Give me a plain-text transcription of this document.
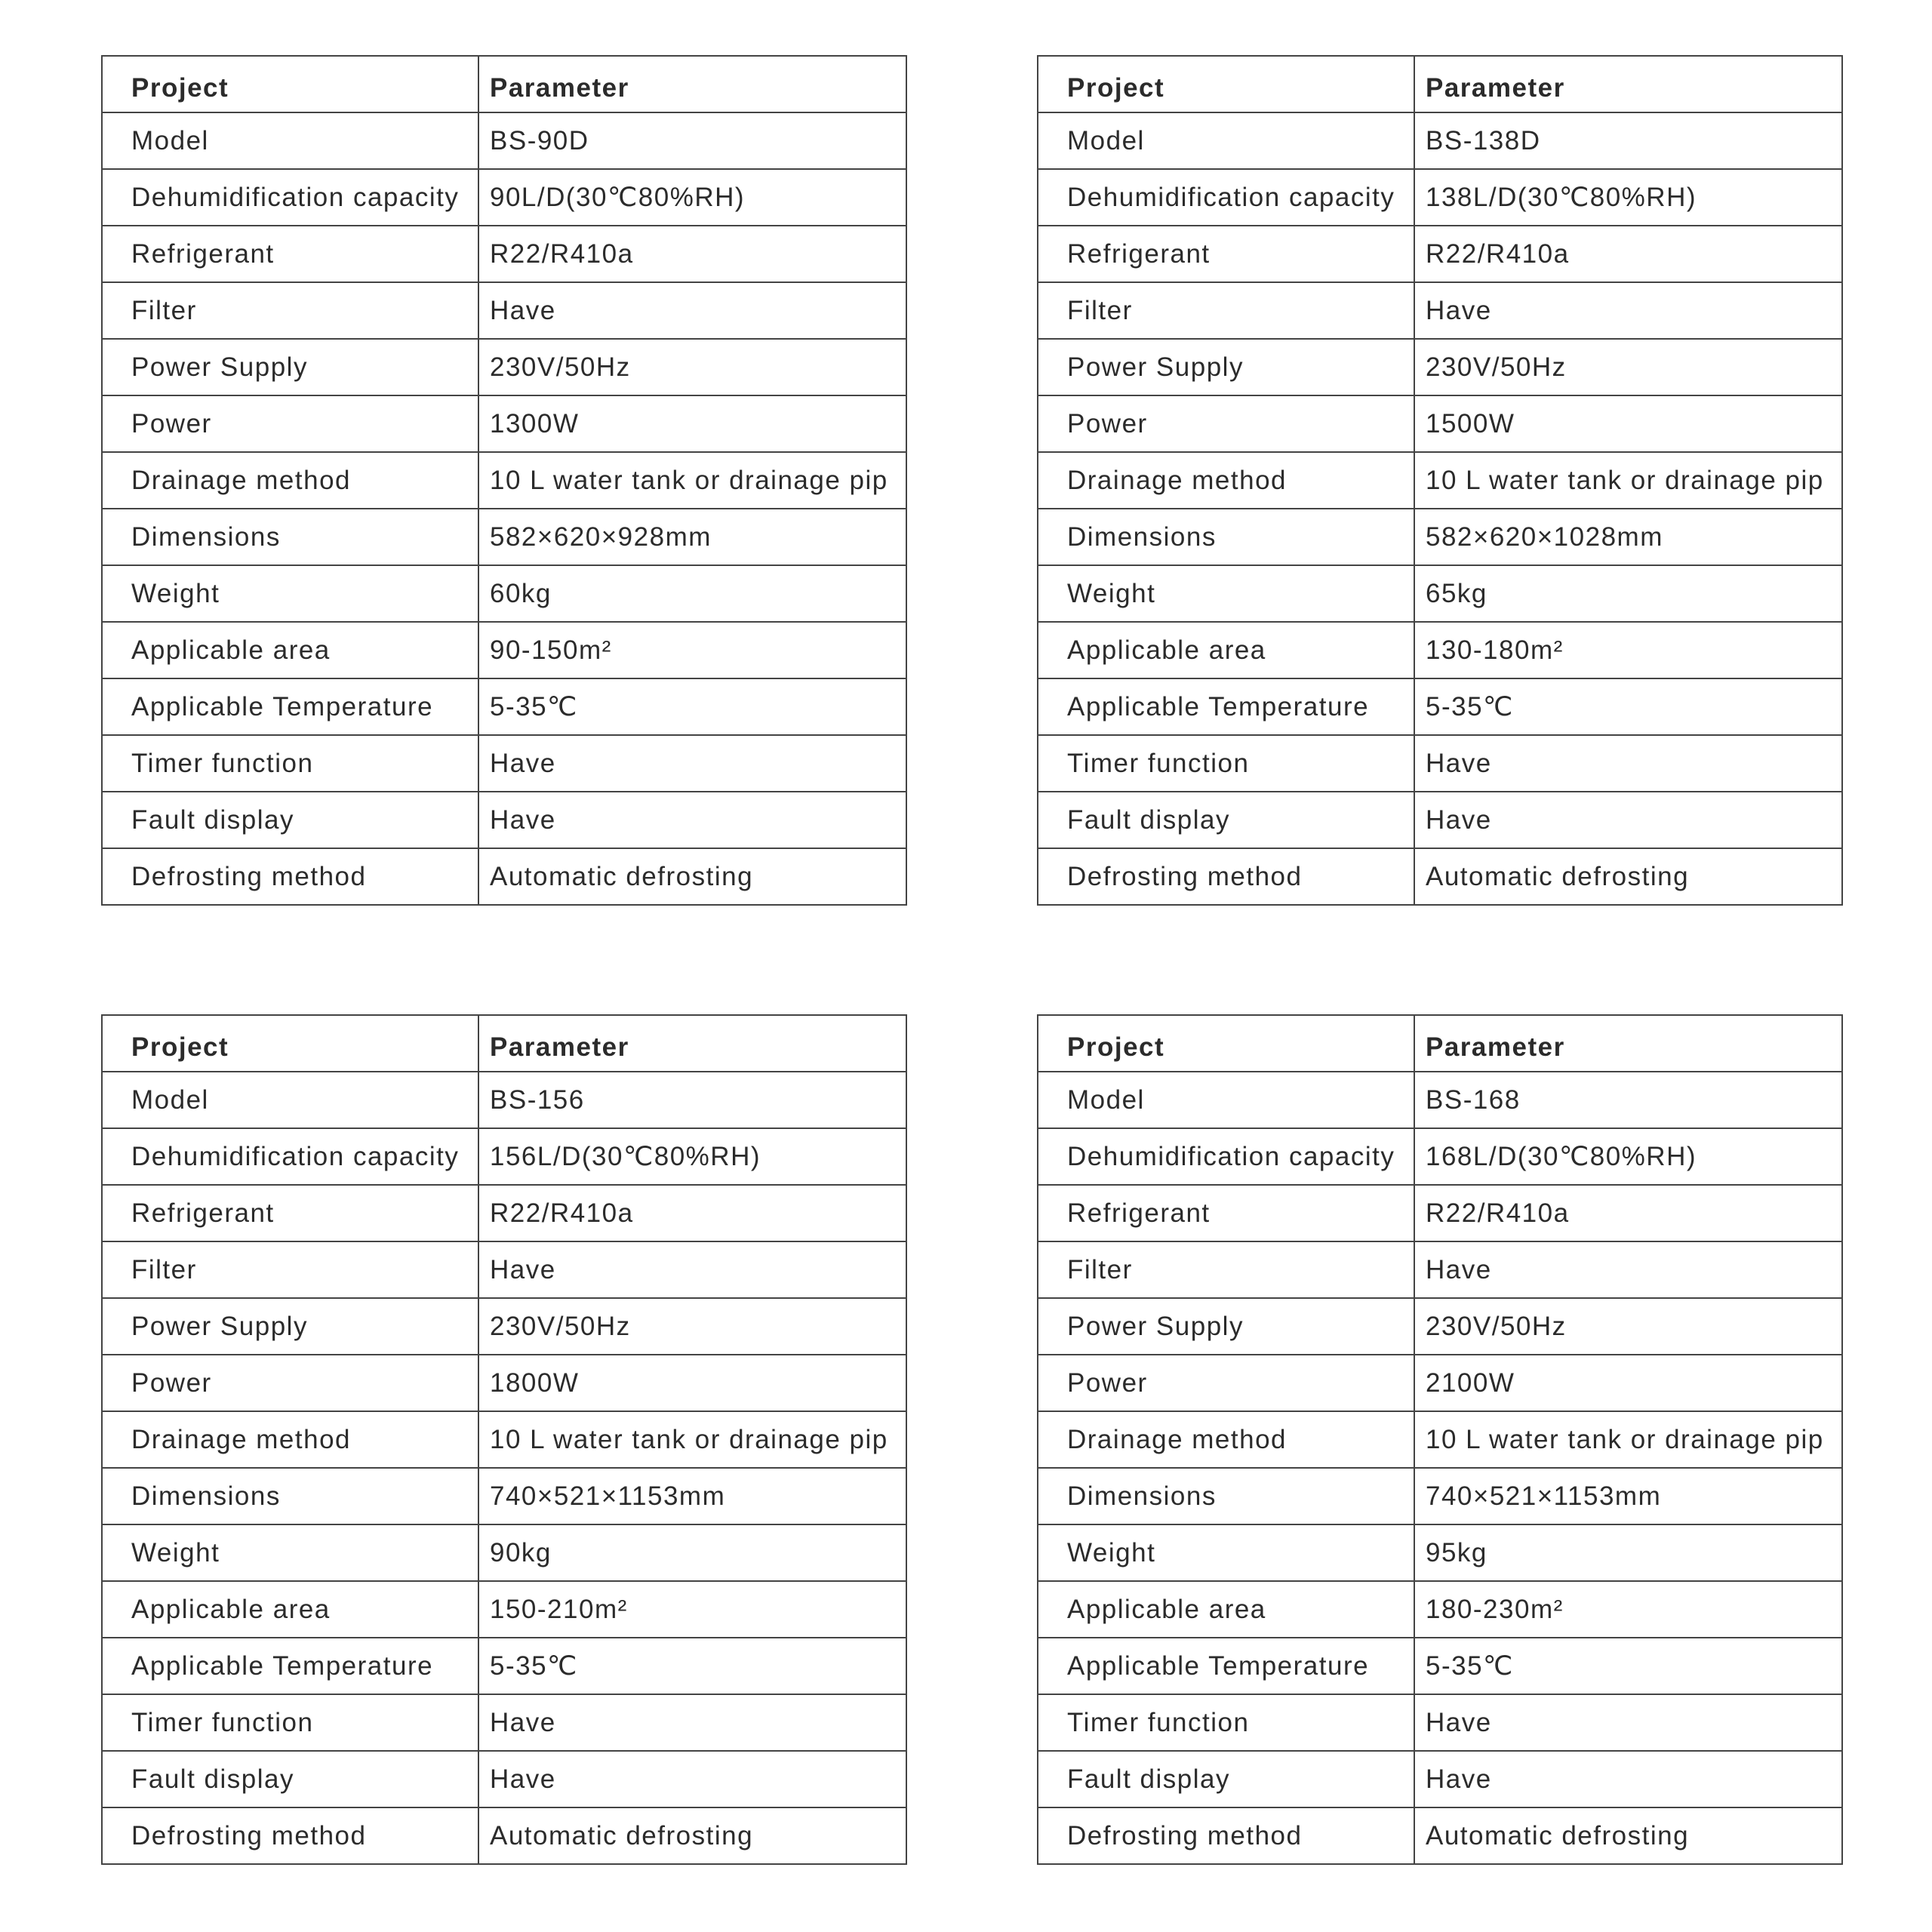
Project	Parameter
Model	BS-90D
Dehumidification capacity	90L/D(30℃80%RH)
Refrigerant	R22/R410a
Filter	Have
Power Supply	230V/50Hz
Power	1300W
Drainage method	10 L water tank or drainage pip
Dimensions	582×620×928mm
Weight	60kg
Applicable area	90-150m²
Applicable Temperature	5-35℃
Timer function	Have
Fault display	Have
Defrosting method	Automatic defrosting
Project	Parameter
Model	BS-138D
Dehumidification capacity	138L/D(30℃80%RH)
Refrigerant	R22/R410a
Filter	Have
Power Supply	230V/50Hz
Power	1500W
Drainage method	10 L water tank or drainage pip
Dimensions	582×620×1028mm
Weight	65kg
Applicable area	130-180m²
Applicable Temperature	5-35℃
Timer function	Have
Fault display	Have
Defrosting method	Automatic defrosting
Project	Parameter
Model	BS-156
Dehumidification capacity	156L/D(30℃80%RH)
Refrigerant	R22/R410a
Filter	Have
Power Supply	230V/50Hz
Power	1800W
Drainage method	10 L water tank or drainage pip
Dimensions	740×521×1153mm
Weight	90kg
Applicable area	150-210m²
Applicable Temperature	5-35℃
Timer function	Have
Fault display	Have
Defrosting method	Automatic defrosting
Project	Parameter
Model	BS-168
Dehumidification capacity	168L/D(30℃80%RH)
Refrigerant	R22/R410a
Filter	Have
Power Supply	230V/50Hz
Power	2100W
Drainage method	10 L water tank or drainage pip
Dimensions	740×521×1153mm
Weight	95kg
Applicable area	180-230m²
Applicable Temperature	5-35℃
Timer function	Have
Fault display	Have
Defrosting method	Automatic defrosting
